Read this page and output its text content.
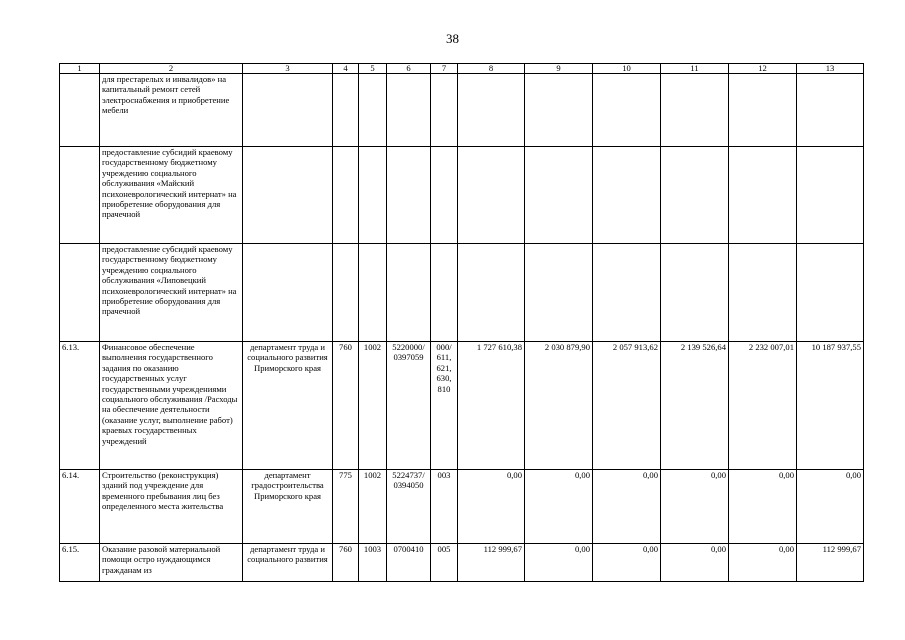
38
1	2	3	4	5	6	7	8	9	10	11	12	13
	для престарелых и инвалидов» на капитальный ремонт сетей электроснабжения и приобретение мебели											
	предоставление субсидий краевому государственному бюджетному учреждению социального обслуживания «Майский психоневрологический интернат» на приобретение оборудования для прачечной											
	предоставление субсидий краевому государственному бюджетному учреждению социального обслуживания «Липовецкий психоневрологический интернат» на приобретение оборудования для прачечной											
6.13.	Финансовое обеспечение выполнения государственного задания по оказанию государственных услуг государственными учреждениями социального обслуживания /Расходы на обеспечение деятельности (оказание услуг, выполнение работ) краевых государственных учреждений	департамент труда и социального развития Приморского края	760	1002	5220000/ 0397059	000/ 611, 621, 630, 810	1 727 610,38	2 030 879,90	2 057 913,62	2 139 526,64	2 232 007,01	10 187 937,55
6.14.	Строительство (реконструкция) зданий под учреждение для временного пребывания лиц без определенного места жительства	департамент градостроительства Приморского края	775	1002	5224737/ 0394050	003	0,00	0,00	0,00	0,00	0,00	0,00
6.15.	Оказание разовой материальной помощи остро нуждающимся гражданам из	департамент труда и социального развития	760	1003	0700410	005	112 999,67	0,00	0,00	0,00	0,00	112 999,67
